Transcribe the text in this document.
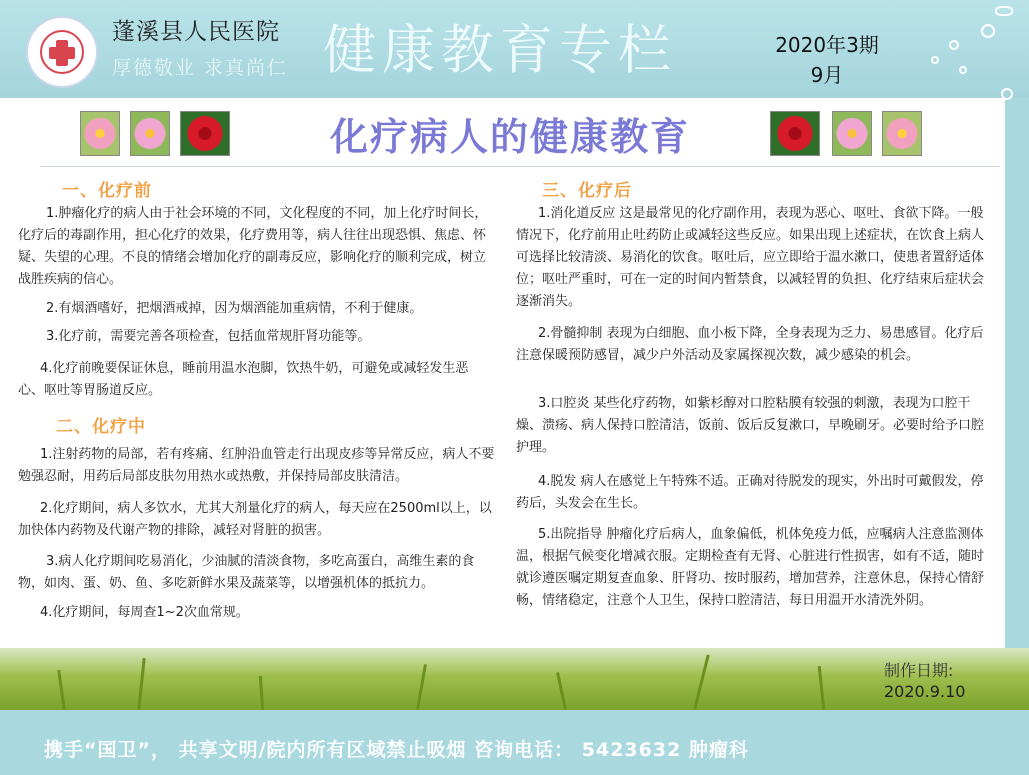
蓬溪县人民医院
厚德敬业 求真尚仁 健康教育专栏	2020年3期
9月
化疗病人的健康教育
一、化疗前
1.肿瘤化疗的病人由于社会环境的不同，文化程度的不同，加上化疗时间长，化疗后的毒副作用，担心化疗的效果，化疗费用等，病人往往出现恐惧、焦虑、怀疑、失望的心理。不良的情绪会增加化疗的副毒反应，影响化疗的顺利完成，树立战胜疾病的信心。
2.有烟酒嗜好，把烟酒戒掉，因为烟酒能加重病情，不利于健康。
3.化疗前，需要完善各项检查，包括血常规肝肾功能等。
4.化疗前晚要保证休息，睡前用温水泡脚，饮热牛奶，可避免或减轻发生恶心、呕吐等胃肠道反应。
二、化疗中
1.注射药物的局部，若有疼痛、红肿沿血管走行出现皮疹等异常反应，病人不要勉强忍耐，用药后局部皮肤勿用热水或热敷，并保持局部皮肤清洁。
2.化疗期间，病人多饮水，尤其大剂量化疗的病人，每天应在2500ml以上，以加快体内药物及代谢产物的排除，减轻对肾脏的损害。
3.病人化疗期间吃易消化，少油腻的清淡食物，多吃高蛋白，高维生素的食物，如肉、蛋、奶、鱼、多吃新鲜水果及蔬菜等，以增强机体的抵抗力。
4.化疗期间，每周查1~2次血常规。
三、化疗后
1.消化道反应 这是最常见的化疗副作用，表现为恶心、呕吐、食欲下降。一般情况下，化疗前用止吐药防止或减轻这些反应。如果出现上述症状，在饮食上病人可选择比较清淡、易消化的饮食。呕吐后，应立即给于温水漱口，使患者置舒适体位；呕吐严重时，可在一定的时间内暂禁食，以减轻胃的负担、化疗结束后症状会逐渐消失。
2.骨髓抑制 表现为白细胞、血小板下降，全身表现为乏力、易患感冒。化疗后注意保暖预防感冒，减少户外活动及家属探视次数，减少感染的机会。
3.口腔炎 某些化疗药物，如紫杉醇对口腔粘膜有较强的刺激，表现为口腔干燥、溃疡、病人保持口腔清洁，饭前、饭后反复漱口，早晚刷牙。必要时给予口腔护理。
4.脱发 病人在感觉上午特殊不适。正确对待脱发的现实，外出时可戴假发，停药后，头发会在生长。
5.出院指导 肿瘤化疗后病人，血象偏低，机体免疫力低，应嘱病人注意监测体温，根据气候变化增减衣服。定期检查有无肾、心脏进行性损害，如有不适，随时就诊遵医嘱定期复查血象、肝肾功、按时服药，增加营养，注意休息，保持心情舒畅，情绪稳定，注意个人卫生，保持口腔清洁，每日用温开水清洗外阴。
制作日期:
2020.9.10
携手“国卫”， 共享文明/院内所有区域禁止吸烟 咨询电话： 5423632 肿瘤科
